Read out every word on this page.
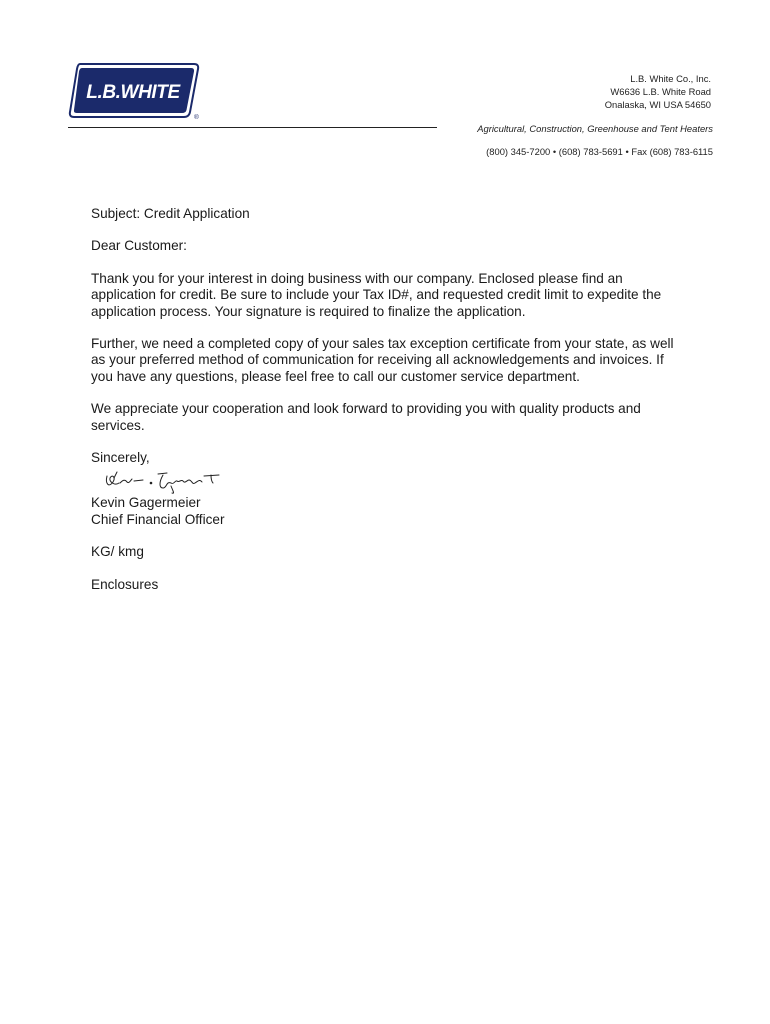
L.B.WHITE
®
L.B. White Co., Inc.
W6636 L.B. White Road
Onalaska, WI USA 54650
Agricultural, Construction, Greenhouse and Tent Heaters
(800) 345-7200 • (608) 783-5691 • Fax (608) 783-6115

Subject: Credit Application

Dear Customer:

Thank you for your interest in doing business with our company. Enclosed please find an application for credit. Be sure to include your Tax ID#, and requested credit limit to expedite the application process. Your signature is required to finalize the application.

Further, we need a completed copy of your sales tax exception certificate from your state, as well as your preferred method of communication for receiving all acknowledgements and invoices. If you have any questions, please feel free to call our customer service department.

We appreciate your cooperation and look forward to providing you with quality products and services.

Sincerely,

Kevin Gagermeier

Chief Financial Officer

KG/ kmg

Enclosures
